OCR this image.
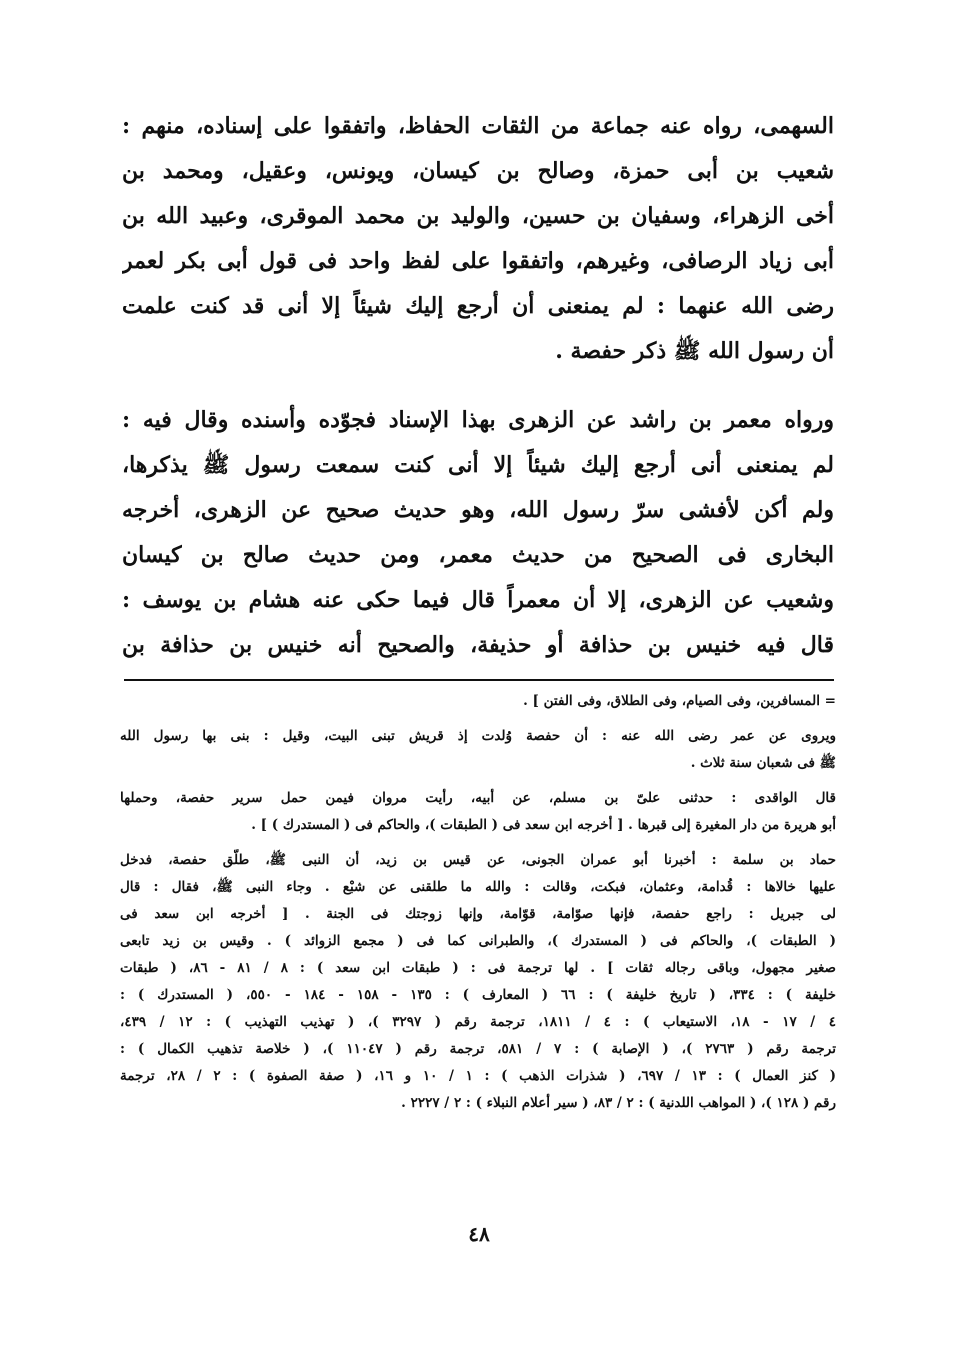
السهمى، رواه عنه جماعة من الثقات الحفاظ، واتفقوا على إسناده، منهم :
شعيب بن أبى حمزة، وصالح بن كيسان، ويونس، وعقيل، ومحمد بن
أخى الزهراء، وسفيان بن حسين، والوليد بن محمد الموقرى، وعبيد الله بن
أبى زياد الرصافى، وغيرهم، واتفقوا على لفظ واحد فى قول أبى بكر لعمر
رضى الله عنهما : لم يمنعنى أن أرجع إليك شيئاً إلا أنى قد كنت علمت
أن رسول الله ﷺ ذكر حفصة .
ورواه معمر بن راشد عن الزهرى بهذا الإسناد فجوّده وأسنده وقال فيه :
لم يمنعنى أنى أرجع إليك شيئاً إلا أنى كنت سمعت رسول ﷺ يذكرها،
ولم أكن لأفشى سرّ رسول الله، وهو حديث صحيح عن الزهرى، أخرجه
البخارى فى الصحيح من حديث معمر، ومن حديث صالح بن كيسان
وشعيب عن الزهرى، إلا أن معمراً قال فيما حكى عنه هشام بن يوسف :
قال فيه خنيس بن حذافة أو حذيفة، والصحيح أنه خنيس بن حذافة بن
= المسافرين، وفى الصيام، وفى الطلاق، وفى الفتن ] .
ويروى عن عمر رضى الله عنه : أن حفصة وُلدت إذ قريش تبنى البيت، وقيل : بنى بها رسول الله
ﷺ فى شعبان سنة ثلاث .
قال الواقدى : حدثنى علىّ بن مسلم، عن أبيه، رأيت مروان فيمن حمل سرير حفصة، وحملها
أبو هريرة من دار المغيرة إلى قبرها . [ أخرجه ابن سعد فى ( الطبقات )، والحاكم فى ( المستدرك ) ] .
حماد بن سلمة : أخبرنا أبو عمران الجونى، عن قيس بن زيد، أن النبى ﷺ، طلّق حفصة، فدخل
عليها خالاها : قُدامة، وعثمان، فبكت، وقالت : والله ما طلقنى عن شبْع . وجاء النبى ﷺ، فقال : قال
لى جبريل : راجع حفصة، فإنها صوّامة، قوّامة، وإنها زوجتك فى الجنة . [ أخرجه ابن سعد فى
( الطبقات )، والحاكم فى ( المستدرك )، والطبرانى كما فى ( مجمع الزوائد ) . وقيس بن زيد تابعى
صغير مجهول، وباقى رجاله ثقات ] . لها ترجمة فى : ( طبقات ابن سعد ) : ٨ / ٨١ - ٨٦، ( طبقات
خليفة ) : ٣٣٤، ( تاريخ خليفة ) : ٦٦ ( المعارف ) : ١٣٥ - ١٥٨ - ١٨٤ - ٥٥٠، ( المستدرك ) :
٤ / ١٧ - ١٨، الاستيعاب ) : ٤ / ١٨١١، ترجمة رقم ( ٣٢٩٧ )، ( تهذيب التهذيب ) : ١٢ / ٤٣٩،
ترجمة رقم ( ٢٧٦٣ )، ( الإصابة ) : ٧ / ٥٨١، ترجمة رقم ( ١١٠٤٧ )، ( خلاصة تذهيب الكمال ) :
( كنز العمال ) : ١٣ / ٦٩٧، ( شذرات الذهب ) : ١ / ١٠ و ١٦، ( صفة الصفوة ) : ٢ / ٢٨، ترجمة
رقم ( ١٢٨ )، ( المواهب اللدنية ) : ٢ / ٨٣، ( سير أعلام النبلاء ) : ٢ / ٢٢٢٧ .
٤٨
